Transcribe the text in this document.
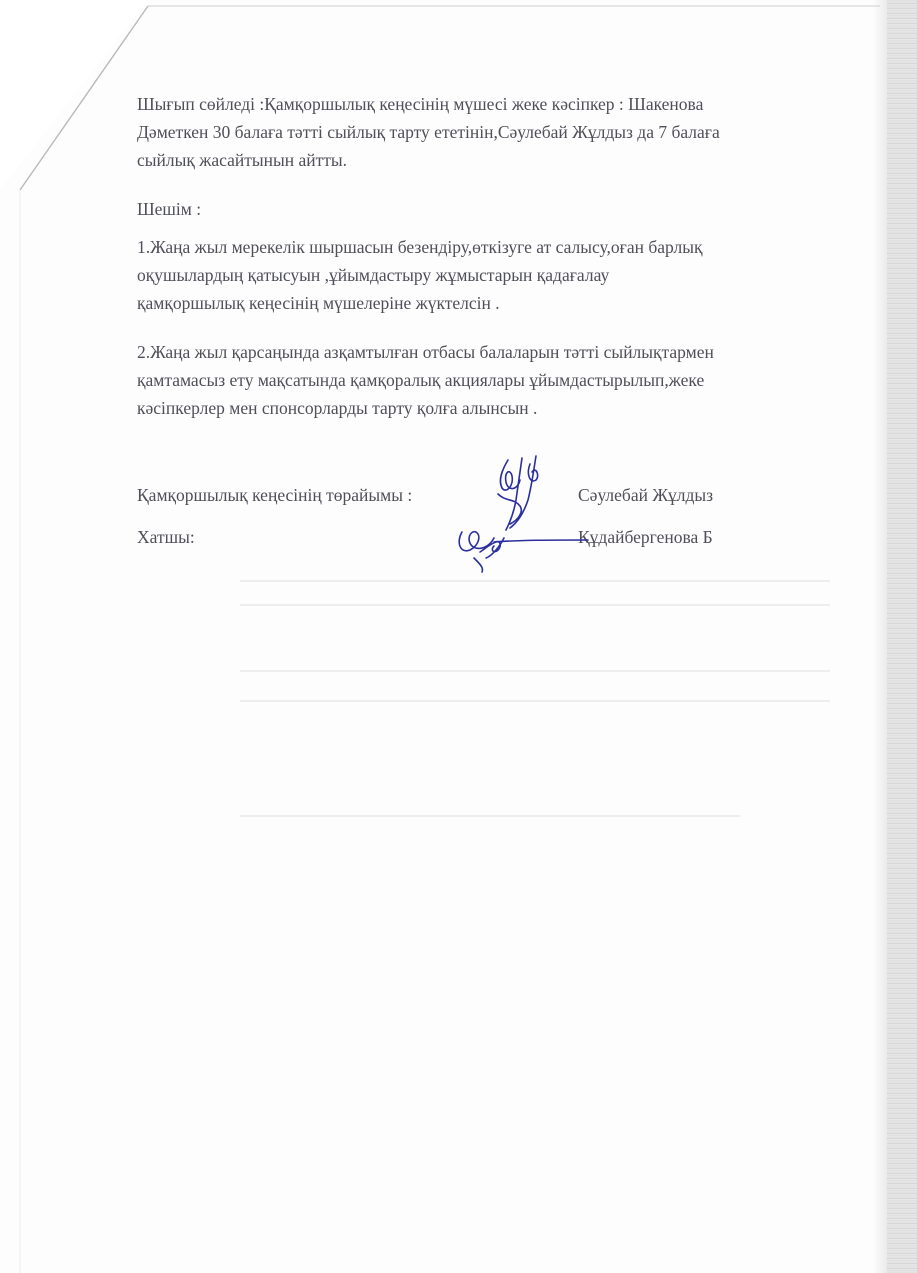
Шығып сөйледі :Қамқоршылық кеңесінің мүшесі жеке кәсіпкер : Шакенова
Дәметкен 30 балаға тәтті сыйлық тарту ететінін,Сәулебай Жұлдыз да 7 балаға
сыйлық жасайтынын айтты.
Шешім :
1.Жаңа жыл мерекелік шыршасын безендіру,өткізуге ат салысу,оған барлық
оқушылардың қатысуын ,ұйымдастыру жұмыстарын қадағалау
қамқоршылық кеңесінің мүшелеріне жүктелсін .
2.Жаңа жыл қарсаңында азқамтылған отбасы балаларын тәтті сыйлықтармен
қамтамасыз ету мақсатында қамқоралық акциялары ұйымдастырылып,жеке
кәсіпкерлер мен спонсорларды тарту қолға алынсын .
Қамқоршылық кеңесінің төрайымы :	Сәулебай Жұлдыз
Хатшы:	Құдайбергенова Б
